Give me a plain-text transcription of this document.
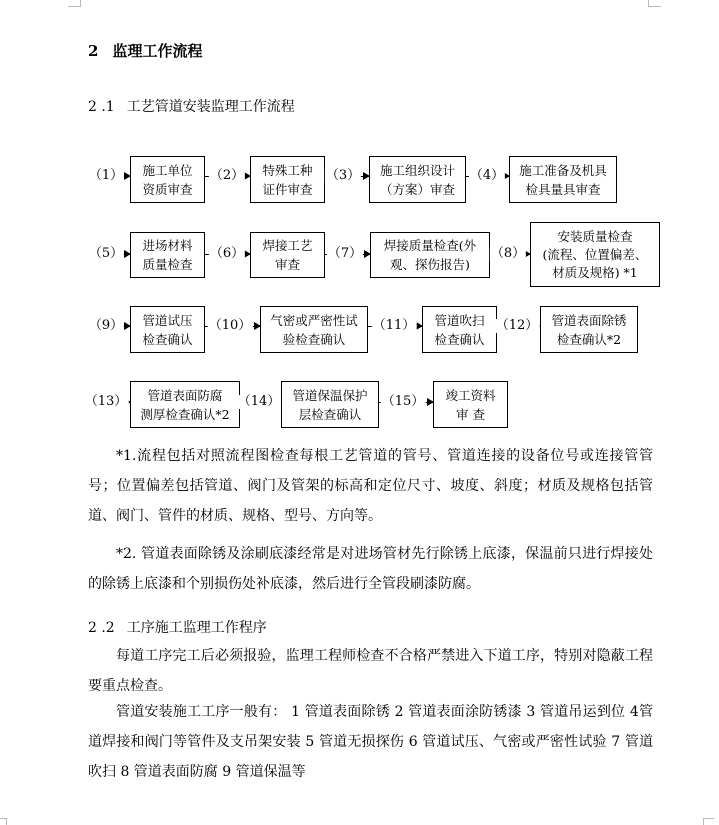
2 监理工作流程
2 .1 工艺管道安装监理工作流程
（1）	施工单位
资质审查
（2）	特殊工种
证件审查
（3）	施工组织设计
（方案）审查
（4）	施工准备及机具
检具量具审查
（5）
进场材料
质量检查
（6）
焊接工艺
审查
（7）
焊接质量检查(外
观、探伤报告)
（8）
安装质量检查
(流程、位置偏差、
材质及规格) *1
（9）	管道试压
检查确认
（10）	气密或严密性试
验检查确认
（11）	管道吹扫
检查确认
（12）	管道表面除锈
检查确认*2
（13）	管道表面防腐
测厚检查确认*2
（14） 管道保温保护
层检查确认
（15）	竣工资料
审 查
*1.流程包括对照流程图检查每根工艺管道的管号、管道连接的设备位号或连接管管号；位置偏差包括管道、阀门及管架的标高和定位尺寸、坡度、斜度；材质及规格包括管道、阀门、管件的材质、规格、型号、方向等。
*2. 管道表面除锈及涂刷底漆经常是对进场管材先行除锈上底漆，保温前只进行焊接处的除锈上底漆和个别损伤处补底漆，然后进行全管段刷漆防腐。
2 .2 工序施工监理工作程序
每道工序完工后必须报验，监理工程师检查不合格严禁进入下道工序，特别对隐蔽工程要重点检查。
管道安装施工工序一般有： 1 管道表面除锈 2 管道表面涂防锈漆 3 管道吊运到位 4管道焊接和阀门等管件及支吊架安装 5 管道无损探伤 6 管道试压、气密或严密性试验 7 管道吹扫 8 管道表面防腐 9 管道保温等
